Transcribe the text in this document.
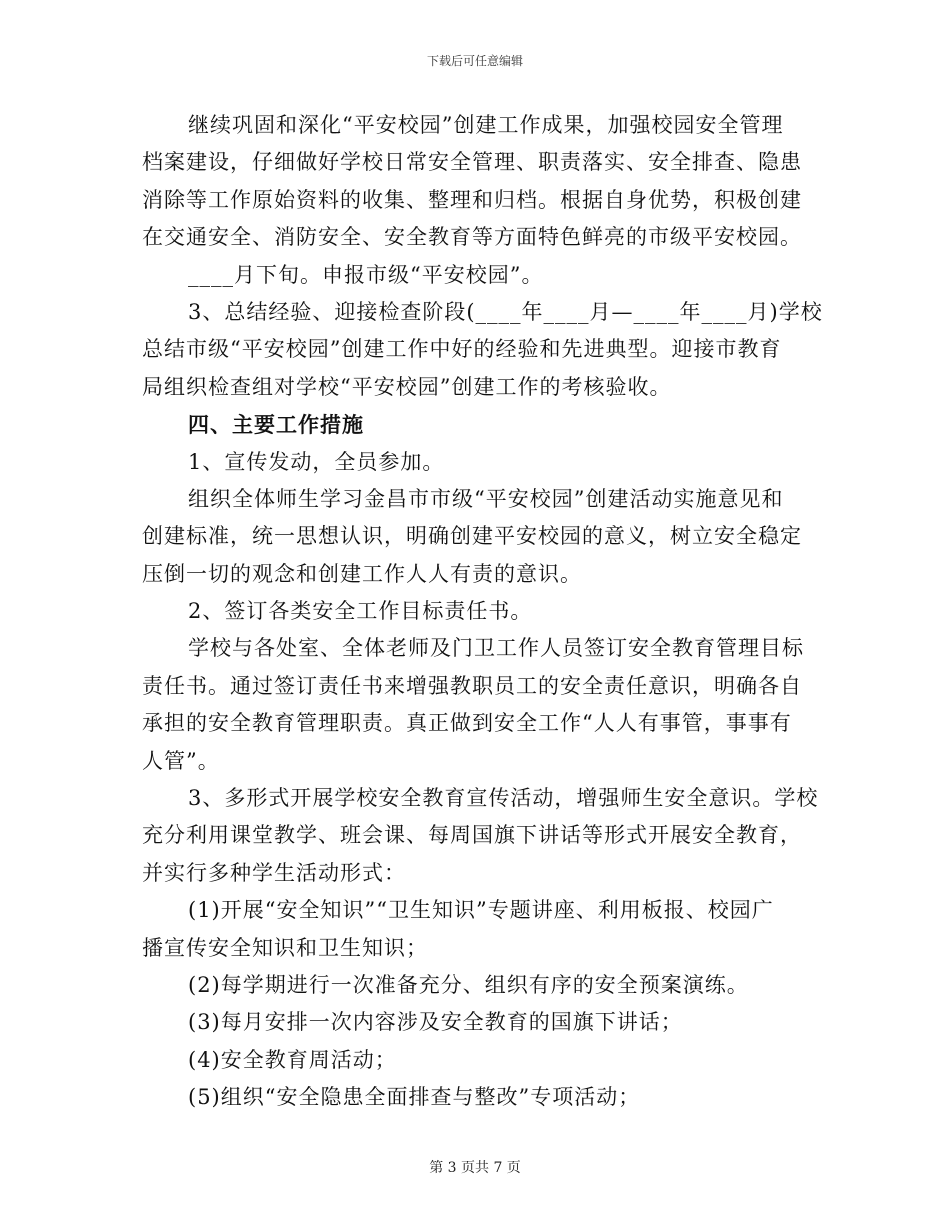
下载后可任意编辑
继续巩固和深化“平安校园”创建工作成果，加强校园安全管理
档案建设，仔细做好学校日常安全管理、职责落实、安全排查、隐患
消除等工作原始资料的收集、整理和归档。根据自身优势，积极创建
在交通安全、消防安全、安全教育等方面特色鲜亮的市级平安校园。
____月下旬。申报市级“平安校园”。
3、总结经验、迎接检查阶段(____年____月—____年____月)学校
总结市级“平安校园”创建工作中好的经验和先进典型。迎接市教育
局组织检查组对学校“平安校园”创建工作的考核验收。
四、主要工作措施
1、宣传发动，全员参加。
组织全体师生学习金昌市市级“平安校园”创建活动实施意见和
创建标准，统一思想认识，明确创建平安校园的意义，树立安全稳定
压倒一切的观念和创建工作人人有责的意识。
2、签订各类安全工作目标责任书。
学校与各处室、全体老师及门卫工作人员签订安全教育管理目标
责任书。通过签订责任书来增强教职员工的安全责任意识，明确各自
承担的安全教育管理职责。真正做到安全工作“人人有事管，事事有
人管”。
3、多形式开展学校安全教育宣传活动，增强师生安全意识。学校
充分利用课堂教学、班会课、每周国旗下讲话等形式开展安全教育，
并实行多种学生活动形式：
(1)开展“安全知识”“卫生知识”专题讲座、利用板报、校园广
播宣传安全知识和卫生知识；
(2)每学期进行一次准备充分、组织有序的安全预案演练。
(3)每月安排一次内容涉及安全教育的国旗下讲话；
(4)安全教育周活动；
(5)组织“安全隐患全面排查与整改”专项活动；
第 3 页共 7 页
